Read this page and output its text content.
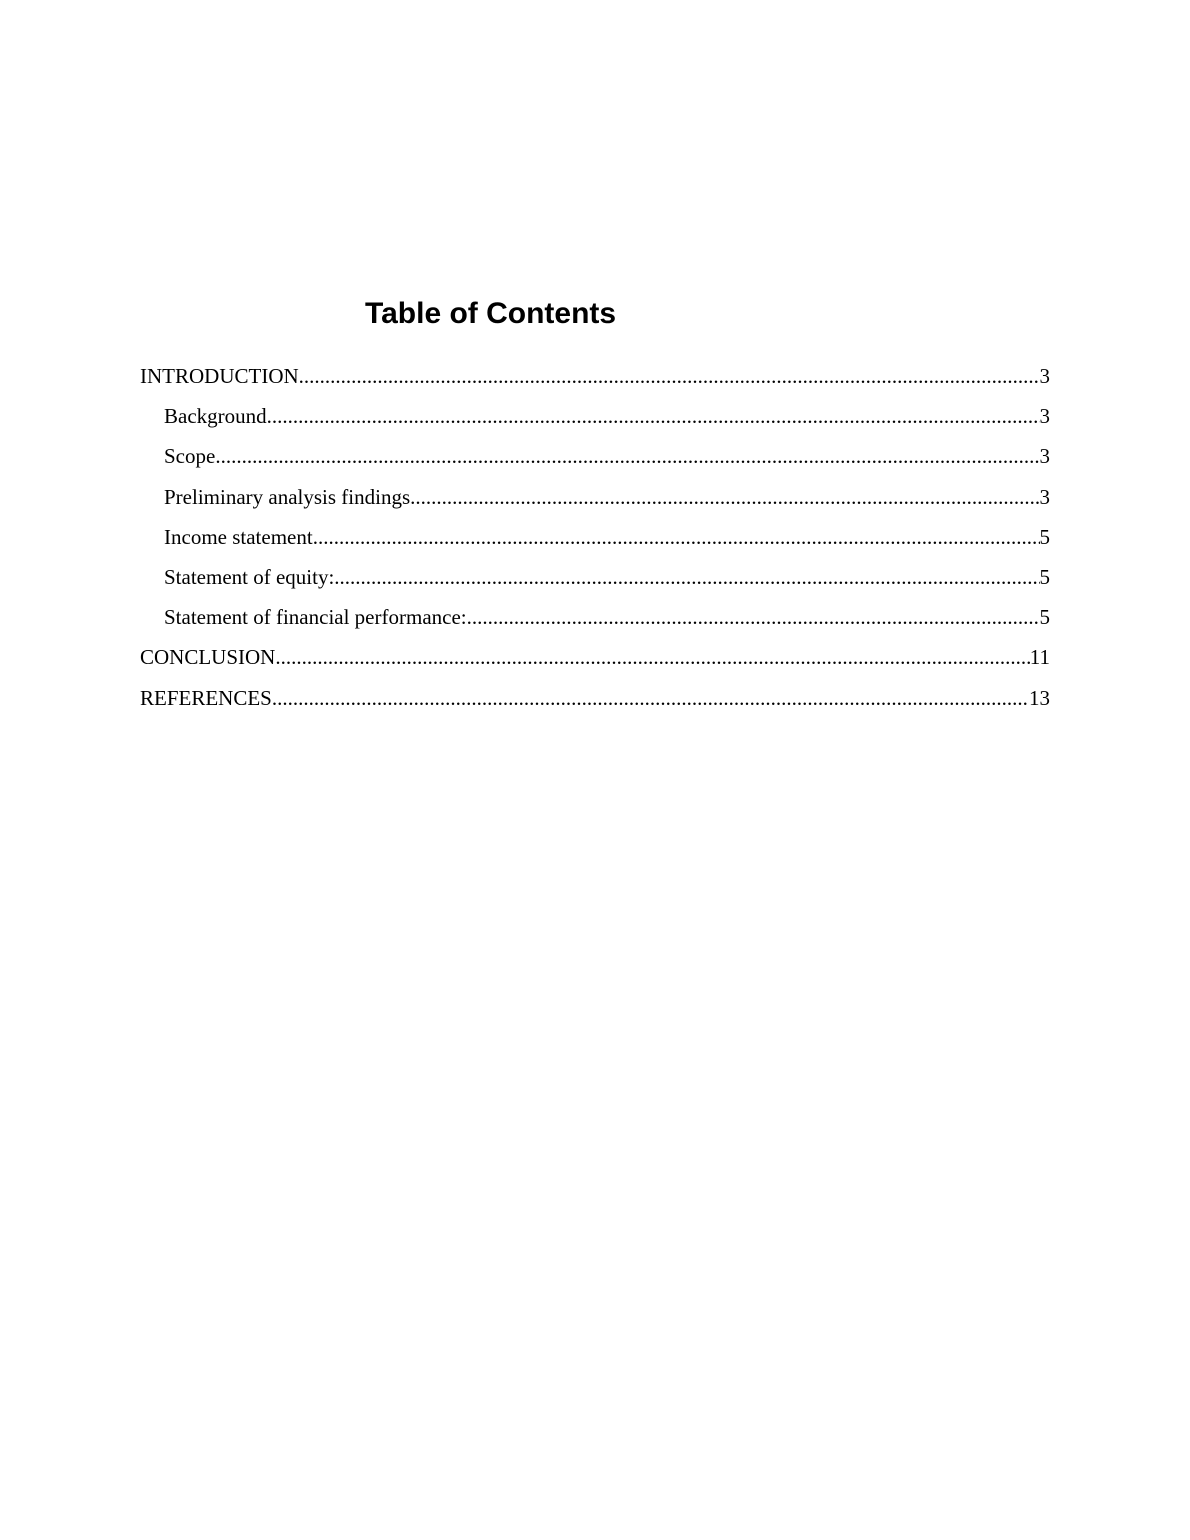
Table of Contents
INTRODUCTION .....	3
Background .....	3
Scope .....	3
Preliminary analysis findings .....	3
Income statement .....	5
Statement of equity: .....	5
Statement of financial performance: .....	5
CONCLUSION .....	11
REFERENCES .....	13
